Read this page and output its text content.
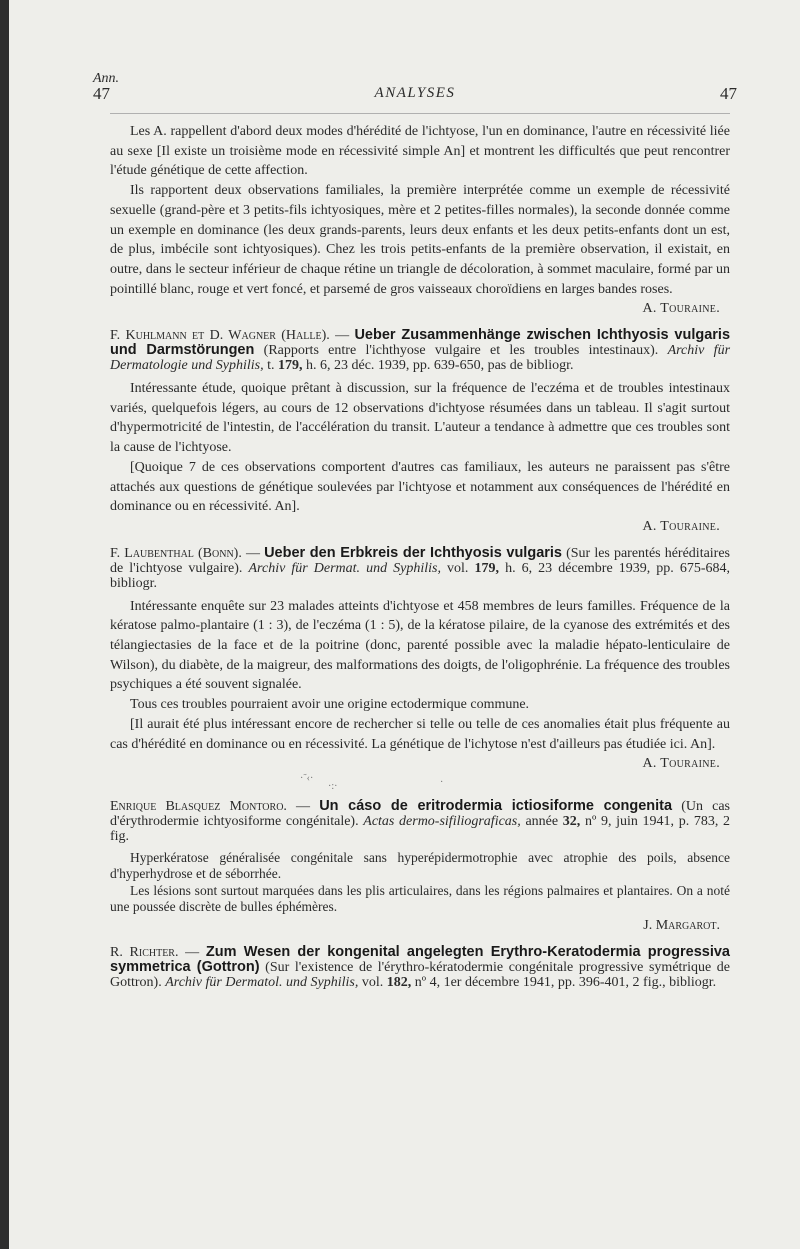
Ann.
47	ANALYSES	47

Les A. rappellent d'abord deux modes d'hérédité de l'ichtyose, l'un en dominance, l'autre en récessivité liée au sexe [Il existe un troisième mode en récessivité simple An] et montrent les difficultés que peut rencontrer l'étude génétique de cette affection.

Ils rapportent deux observations familiales, la première interprétée comme un exemple de récessivité sexuelle (grand-père et 3 petits-fils ichtyosiques, mère et 2 petites-filles normales), la seconde donnée comme un exemple en dominance (les deux grands-parents, leurs deux enfants et les deux petits-enfants dont un est, de plus, imbécile sont ichtyosiques). Chez les trois petits-enfants de la première observation, il existait, en outre, dans le secteur inférieur de chaque rétine un triangle de décoloration, à sommet maculaire, formé par un pointillé blanc, rouge et vert foncé, et parsemé de gros vaisseaux choroïdiens en larges bandes roses.

A. Touraine.

F. Kuhlmann et D. Wagner (Halle). — Ueber Zusammenhänge zwischen Ichthyosis vulgaris und Darmstörungen (Rapports entre l'ichthyose vulgaire et les troubles intestinaux). Archiv für Dermatologie und Syphilis, t. 179, h. 6, 23 déc. 1939, pp. 639-650, pas de bibliogr.

Intéressante étude, quoique prêtant à discussion, sur la fréquence de l'eczéma et de troubles intestinaux variés, quelquefois légers, au cours de 12 observations d'ichtyose résumées dans un tableau. Il s'agit surtout d'hypermotricité de l'intestin, de l'accélération du transit. L'auteur a tendance à admettre que ces troubles sont la cause de l'ichtyose.

[Quoique 7 de ces observations comportent d'autres cas familiaux, les auteurs ne paraissent pas s'être attachés aux questions de génétique soulevées par l'ichtyose et notamment aux conséquences de l'hérédité en dominance ou en récessivité. An].

A. Touraine.

F. Laubenthal (Bonn). — Ueber den Erbkreis der Ichthyosis vulgaris (Sur les parentés héréditaires de l'ichtyose vulgaire). Archiv für Dermat. und Syphilis, vol. 179, h. 6, 23 décembre 1939, pp. 675-684, bibliogr.

Intéressante enquête sur 23 malades atteints d'ichtyose et 458 membres de leurs familles. Fréquence de la kératose palmo-plantaire (1 : 3), de l'eczéma (1 : 5), de la kératose pilaire, de la cyanose des extrémités et des télangiectasies de la face et de la poitrine (donc, parenté possible avec la maladie hépato-lenticulaire de Wilson), du diabète, de la maigreur, des malformations des doigts, de l'oligophrénie. La fréquence des troubles psychiques a été souvent signalée.

Tous ces troubles pourraient avoir une origine ectodermique commune.

[Il aurait été plus intéressant encore de rechercher si telle ou telle de ces anomalies était plus fréquente au cas d'hérédité en dominance ou en récessivité. La génétique de l'ichytose n'est d'ailleurs pas étudiée ici. An].

A. Touraine.

·˜‹·
·:·	·

Enrique Blasquez Montoro. — Un cáso de eritrodermia ictiosiforme congenita (Un cas d'érythrodermie ichtyosiforme congénitale). Actas dermo-sifiliograficas, année 32, nº 9, juin 1941, p. 783, 2 fig.

Hyperkératose généralisée congénitale sans hyperépidermotrophie avec atrophie des poils, absence d'hyperhydrose et de séborrhée.

Les lésions sont surtout marquées dans les plis articulaires, dans les régions palmaires et plantaires. On a noté une poussée discrète de bulles éphémères.

J. Margarot.

R. Richter. — Zum Wesen der kongenital angelegten Erythro-Keratodermia progressiva symmetrica (Gottron) (Sur l'existence de l'érythro-kératodermie congénitale progressive symétrique de Gottron). Archiv für Dermatol. und Syphilis, vol. 182, nº 4, 1er décembre 1941, pp. 396-401, 2 fig., bibliogr.
